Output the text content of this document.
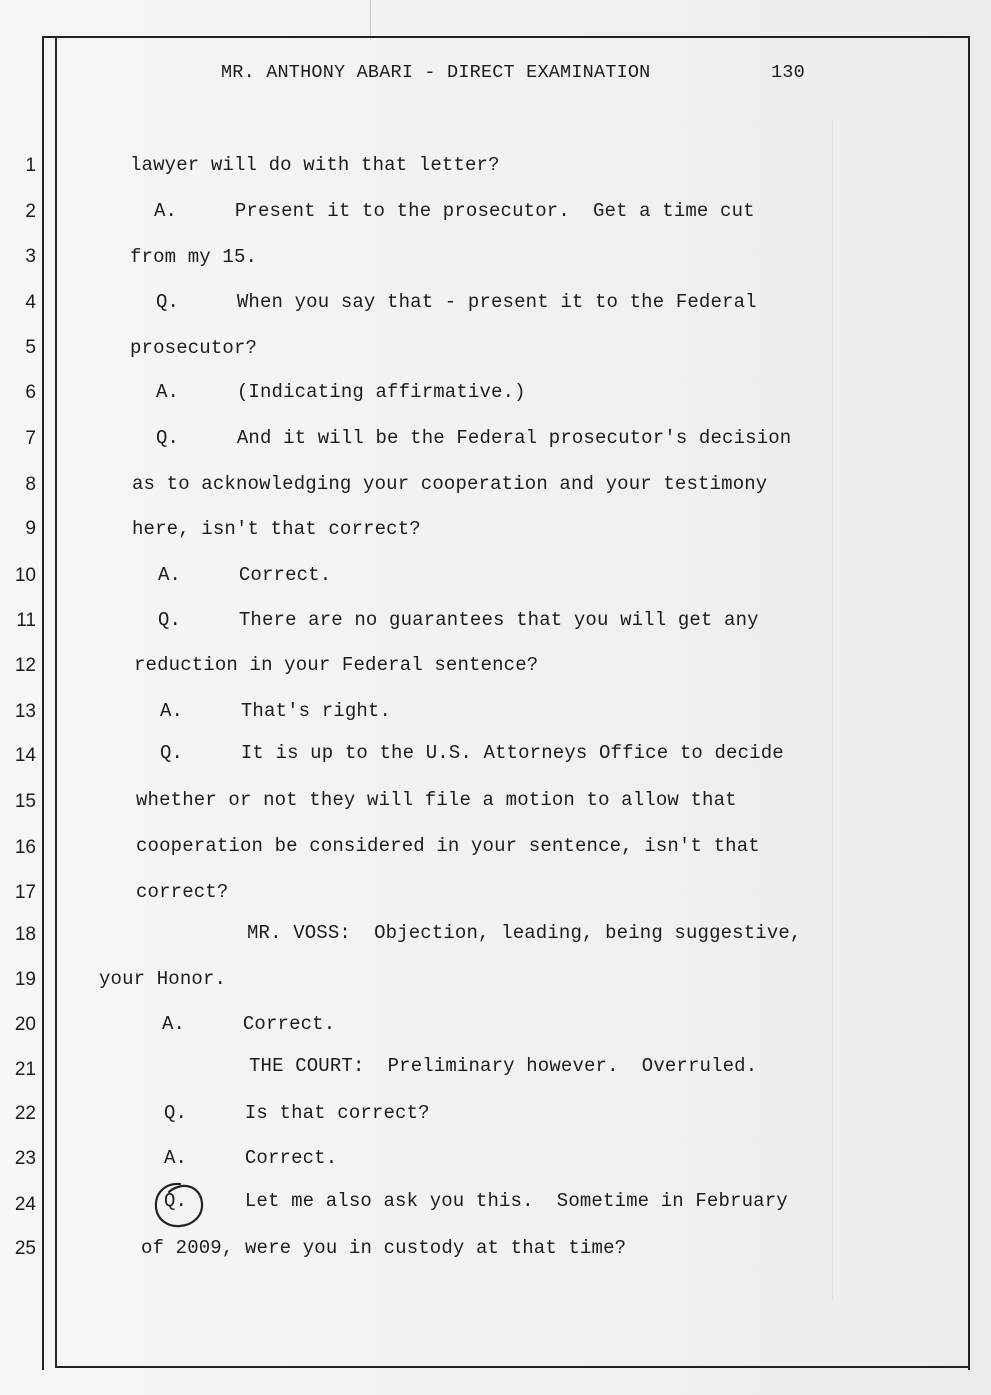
MR. ANTHONY ABARI - DIRECT EXAMINATION

	130

1
2
3
4
5
6
7
8
9
10
11
12
13
14
15
16
17
18
19
20
21
22
23
24
25
lawyer will do with that letter?
A.     Present it to the prosecutor.  Get a time cut
from my 15.
Q.     When you say that - present it to the Federal
prosecutor?
A.     (Indicating affirmative.)
Q.     And it will be the Federal prosecutor's decision
as to acknowledging your cooperation and your testimony
here, isn't that correct?
A.     Correct.
Q.     There are no guarantees that you will get any
reduction in your Federal sentence?
A.     That's right.
Q.     It is up to the U.S. Attorneys Office to decide
whether or not they will file a motion to allow that
cooperation be considered in your sentence, isn't that
correct?
MR. VOSS:  Objection, leading, being suggestive,
your Honor.
A.     Correct.
THE COURT:  Preliminary however.  Overruled.
Q.     Is that correct?
A.     Correct.
Q.     Let me also ask you this.  Sometime in February
of 2009, were you in custody at that time?
